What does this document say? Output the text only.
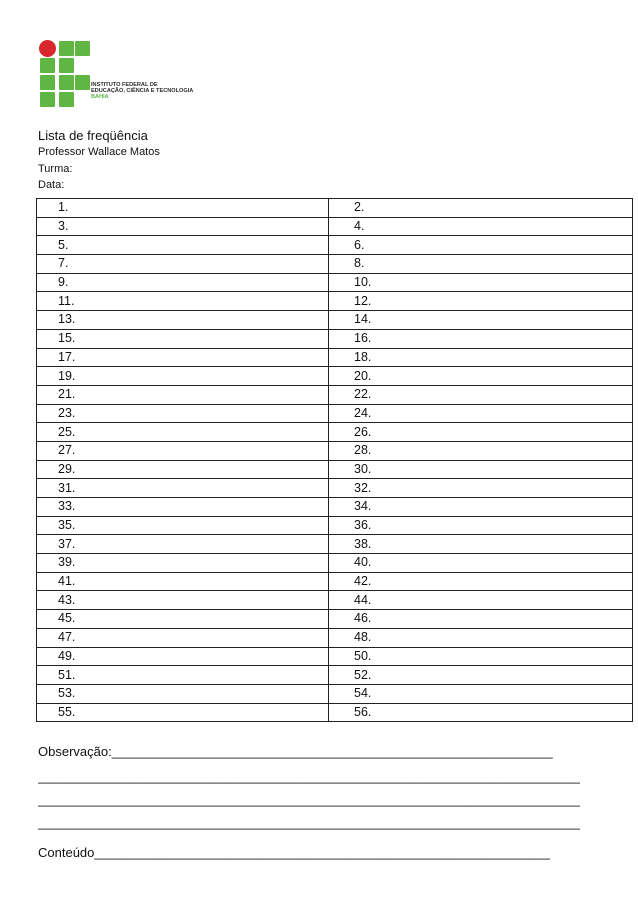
INSTITUTO FEDERAL DE
EDUCAÇÃO, CIÊNCIA E TECNOLOGIA
BAHIA
Lista de freqüência
Professor Wallace Matos
Turma:
Data:
1.	2.
3.	4.
5.	6.
7.	8.
9.	10.
11.	12.
13.	14.
15.	16.
17.	18.
19.	20.
21.	22.
23.	24.
25.	26.
27.	28.
29.	30.
31.	32.
33.	34.
35.	36.
37.	38.
39.	40.
41.	42.
43.	44.
45.	46.
47.	48.
49.	50.
51.	52.
53.	54.
55.	56.
Observação:_____________________________________________________________
___________________________________________________________________________
___________________________________________________________________________
___________________________________________________________________________
Conteúdo_______________________________________________________________
